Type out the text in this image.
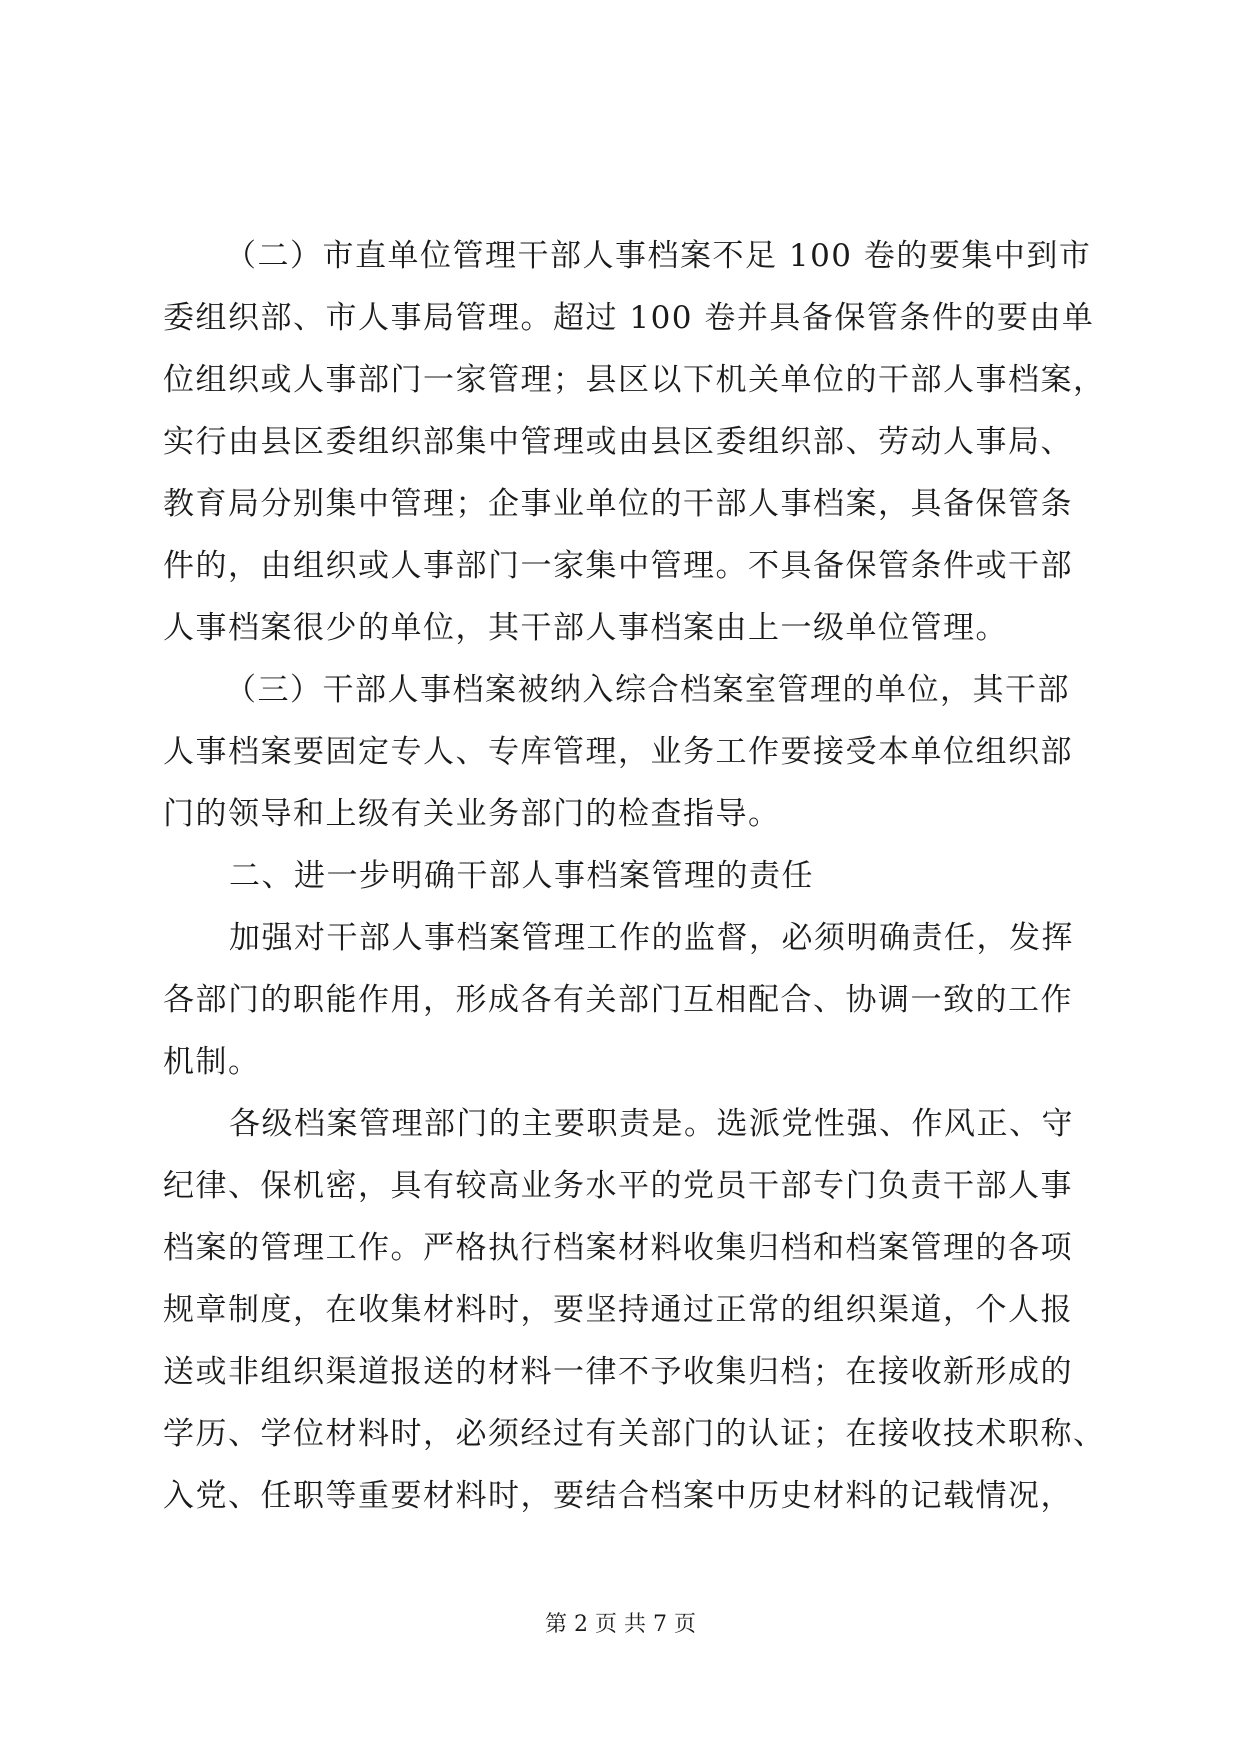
（二）市直单位管理干部人事档案不足 100 卷的要集中到市
委组织部、市人事局管理。超过 100 卷并具备保管条件的要由单
位组织或人事部门一家管理；县区以下机关单位的干部人事档案，
实行由县区委组织部集中管理或由县区委组织部、劳动人事局、
教育局分别集中管理；企事业单位的干部人事档案，具备保管条
件的，由组织或人事部门一家集中管理。不具备保管条件或干部
人事档案很少的单位，其干部人事档案由上一级单位管理。
（三）干部人事档案被纳入综合档案室管理的单位，其干部
人事档案要固定专人、专库管理，业务工作要接受本单位组织部
门的领导和上级有关业务部门的检查指导。
二、进一步明确干部人事档案管理的责任
加强对干部人事档案管理工作的监督，必须明确责任，发挥
各部门的职能作用，形成各有关部门互相配合、协调一致的工作
机制。
各级档案管理部门的主要职责是。选派党性强、作风正、守
纪律、保机密，具有较高业务水平的党员干部专门负责干部人事
档案的管理工作。严格执行档案材料收集归档和档案管理的各项
规章制度，在收集材料时，要坚持通过正常的组织渠道，个人报
送或非组织渠道报送的材料一律不予收集归档；在接收新形成的
学历、学位材料时，必须经过有关部门的认证；在接收技术职称、
入党、任职等重要材料时，要结合档案中历史材料的记载情况，
第 2 页 共 7 页
